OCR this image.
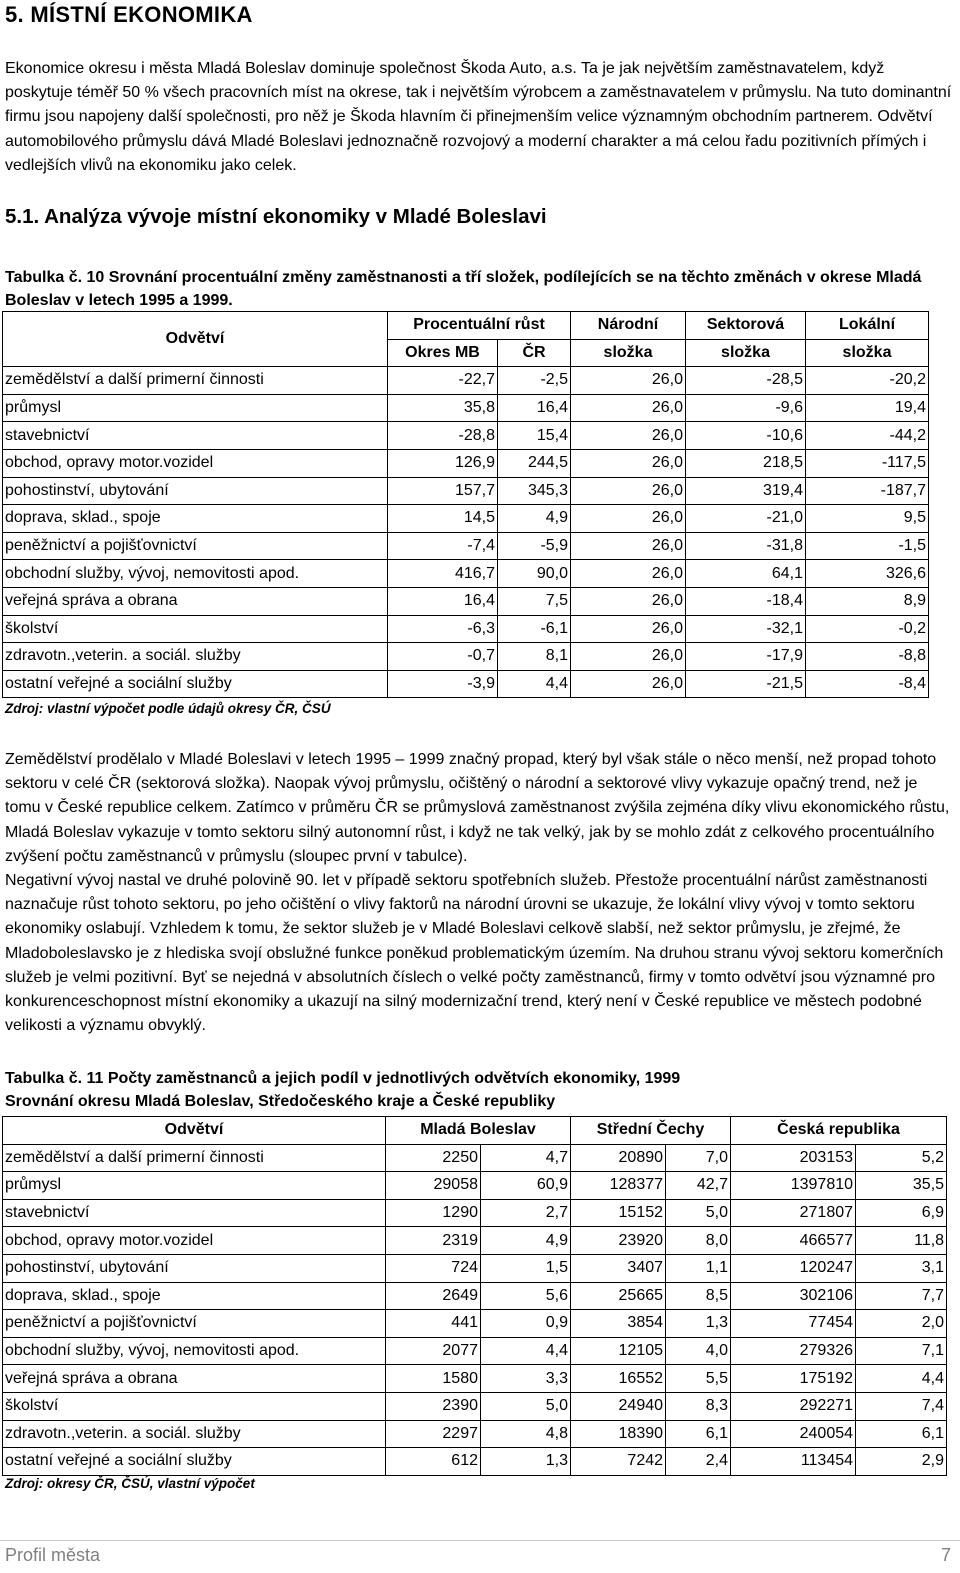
5. MÍSTNÍ EKONOMIKA
Ekonomice okresu i města Mladá Boleslav dominuje společnost Škoda Auto, a.s. Ta je jak největším zaměstnavatelem, když poskytuje téměř 50 % všech pracovních míst na okrese, tak i největším výrobcem a zaměstnavatelem v průmyslu. Na tuto dominantní firmu jsou napojeny další společnosti, pro něž je Škoda hlavním či přinejmenším velice významným obchodním partnerem. Odvětví automobilového průmyslu dává Mladé Boleslavi jednoznačně rozvojový a moderní charakter a má celou řadu pozitivních přímých i vedlejších vlivů na ekonomiku jako celek.
5.1. Analýza vývoje místní ekonomiky v Mladé Boleslavi
Tabulka č. 10 Srovnání procentuální změny zaměstnanosti a tří složek, podílejících se na těchto změnách v okrese Mladá Boleslav v letech 1995 a 1999.
Odvětví	Procentuální růst		Národní	Sektorová	Lokální
	Okres MB	ČR	složka	složka	složka
zemědělství a další primerní činnosti	-22,7	-2,5	26,0	-28,5	-20,2
průmysl	35,8	16,4	26,0	-9,6	19,4
stavebnictví	-28,8	15,4	26,0	-10,6	-44,2
obchod, opravy motor.vozidel	126,9	244,5	26,0	218,5	-117,5
pohostinství, ubytování	157,7	345,3	26,0	319,4	-187,7
doprava, sklad., spoje	14,5	4,9	26,0	-21,0	9,5
peněžnictví a pojišťovnictví	-7,4	-5,9	26,0	-31,8	-1,5
obchodní služby, vývoj, nemovitosti apod.	416,7	90,0	26,0	64,1	326,6
veřejná správa a obrana	16,4	7,5	26,0	-18,4	8,9
školství	-6,3	-6,1	26,0	-32,1	-0,2
zdravotn.,veterin. a sociál. služby	-0,7	8,1	26,0	-17,9	-8,8
ostatní veřejné a sociální služby	-3,9	4,4	26,0	-21,5	-8,4
Zdroj: vlastní výpočet podle údajů okresy ČR, ČSÚ
Zemědělství prodělalo v Mladé Boleslavi v letech 1995 – 1999 značný propad, který byl však stále o něco menší, než propad tohoto sektoru v celé ČR (sektorová složka). Naopak vývoj průmyslu, očištěný o národní a sektorové vlivy vykazuje opačný trend, než je tomu v České republice celkem. Zatímco v průměru ČR se průmyslová zaměstnanost zvýšila zejména díky vlivu ekonomického růstu, Mladá Boleslav vykazuje v tomto sektoru silný autonomní růst, i když ne tak velký, jak by se mohlo zdát z celkového procentuálního zvýšení počtu zaměstnanců v průmyslu (sloupec první v tabulce).
Negativní vývoj nastal ve druhé polovině 90. let v případě sektoru spotřebních služeb. Přestože procentuální nárůst zaměstnanosti naznačuje růst tohoto sektoru, po jeho očištění o vlivy faktorů na národní úrovni se ukazuje, že lokální vlivy vývoj v tomto sektoru ekonomiky oslabují. Vzhledem k tomu, že sektor služeb je v Mladé Boleslavi celkově slabší, než sektor průmyslu, je zřejmé, že Mladoboleslavsko je z hlediska svojí obslužné funkce poněkud problematickým územím. Na druhou stranu vývoj sektoru komerčních služeb je velmi pozitivní. Byť se nejedná v absolutních číslech o velké počty zaměstnanců, firmy v tomto odvětví jsou významné pro konkurenceschopnost místní ekonomiky a ukazují na silný modernizační trend, který není v České republice ve městech podobné velikosti a významu obvyklý.
Tabulka č. 11 Počty zaměstnanců a jejich podíl v jednotlivých odvětvích ekonomiky, 1999
Srovnání okresu Mladá Boleslav, Středočeského kraje a České republiky
Odvětví	Mladá Boleslav		Střední Čechy		Česká republika	
zemědělství a další primerní činnosti	2250	4,7	20890	7,0	203153	5,2
průmysl	29058	60,9	128377	42,7	1397810	35,5
stavebnictví	1290	2,7	15152	5,0	271807	6,9
obchod, opravy motor.vozidel	2319	4,9	23920	8,0	466577	11,8
pohostinství, ubytování	724	1,5	3407	1,1	120247	3,1
doprava, sklad., spoje	2649	5,6	25665	8,5	302106	7,7
peněžnictví a pojišťovnictví	441	0,9	3854	1,3	77454	2,0
obchodní služby, vývoj, nemovitosti apod.	2077	4,4	12105	4,0	279326	7,1
veřejná správa a obrana	1580	3,3	16552	5,5	175192	4,4
školství	2390	5,0	24940	8,3	292271	7,4
zdravotn.,veterin. a sociál. služby	2297	4,8	18390	6,1	240054	6,1
ostatní veřejné a sociální služby	612	1,3	7242	2,4	113454	2,9
Zdroj: okresy ČR, ČSÚ, vlastní výpočet
Profil města	7
